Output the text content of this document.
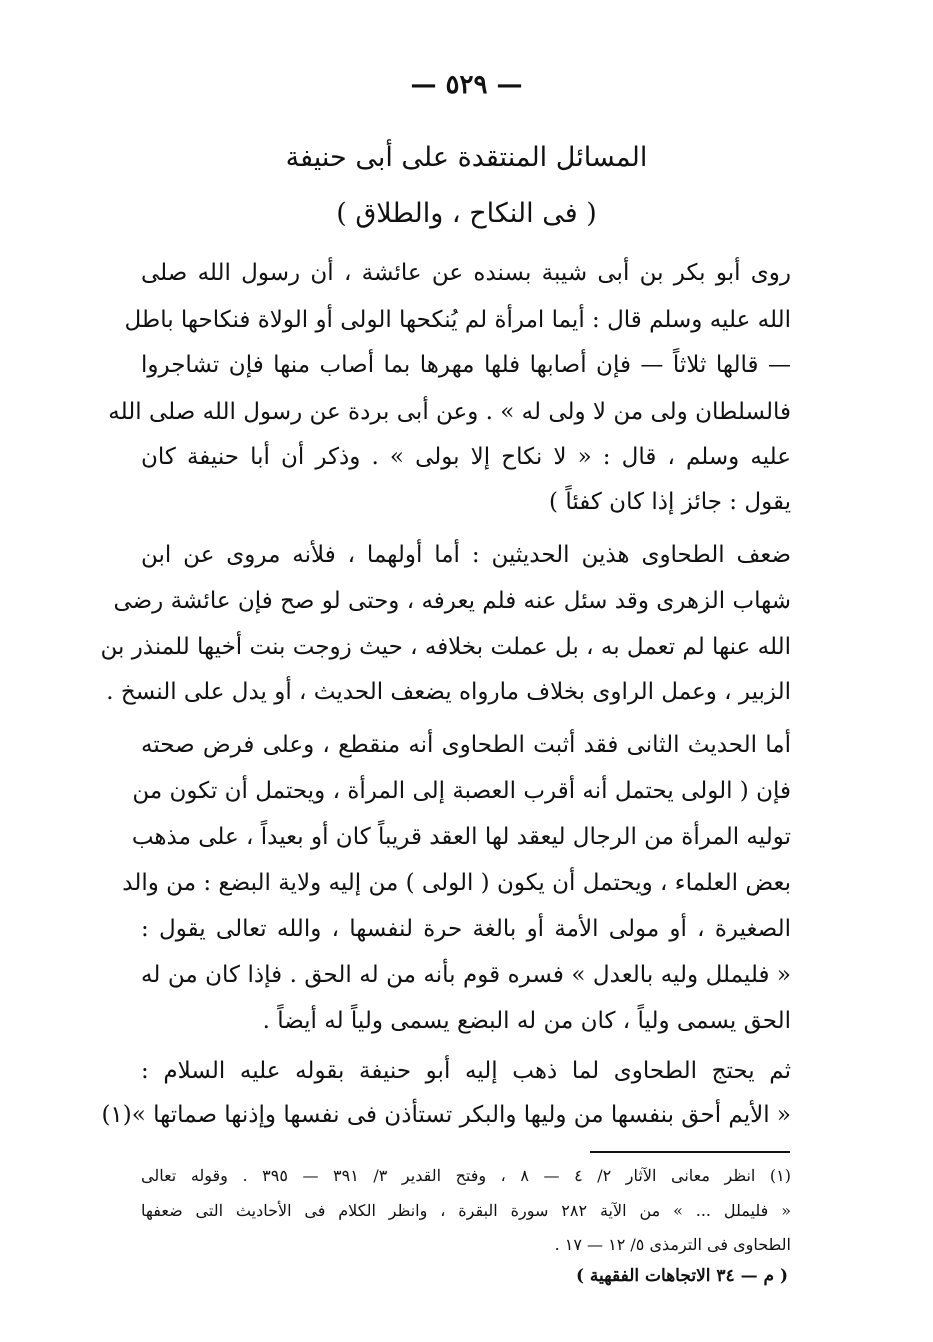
— ٥٢٩ —
المسائل المنتقدة على أبى حنيفة
( فى النكاح ، والطلاق )
روى أبو بكر بن أبى شيبة بسنده عن عائشة ، أن رسول الله صلى
الله عليه وسلم قال : أيما امرأة لم يُنكحها الولى أو الولاة فنكاحها باطل
— قالها ثلاثاً — فإن أصابها فلها مهرها بما أصاب منها فإن تشاجروا
فالسلطان ولى من لا ولى له » . وعن أبى بردة عن رسول الله صلى الله
عليه وسلم ، قال : « لا نكاح إلا بولى » . وذكر أن أبا حنيفة كان
يقول : جائز إذا كان كفئاً )
ضعف الطحاوى هذين الحديثين : أما أولهما ، فلأنه مروى عن ابن
شهاب الزهرى وقد سئل عنه فلم يعرفه ، وحتى لو صح فإن عائشة رضى
الله عنها لم تعمل به ، بل عملت بخلافه ، حيث زوجت بنت أخيها للمنذر بن
الزبير ، وعمل الراوى بخلاف مارواه يضعف الحديث ، أو يدل على النسخ .
أما الحديث الثانى فقد أثبت الطحاوى أنه منقطع ، وعلى فرض صحته
فإن ( الولى يحتمل أنه أقرب العصبة إلى المرأة ، ويحتمل أن تكون من
توليه المرأة من الرجال ليعقد لها العقد قريباً كان أو بعيداً ، على مذهب
بعض العلماء ، ويحتمل أن يكون ( الولى ) من إليه ولاية البضع : من والد
الصغيرة ، أو مولى الأمة أو بالغة حرة لنفسها ، والله تعالى يقول :
« فليملل وليه بالعدل » فسره قوم بأنه من له الحق . فإذا كان من له
الحق يسمى ولياً ، كان من له البضع يسمى ولياً له أيضاً .
ثم يحتج الطحاوى لما ذهب إليه أبو حنيفة بقوله عليه السلام :
« الأيم أحق بنفسها من وليها والبكر تستأذن فى نفسها وإذنها صماتها »(١)
(١) انظر معانى الآثار ٢/ ٤ — ٨ ، وفتح القدير ٣/ ٣٩١ — ٣٩٥ . وقوله تعالى
« فليملل ... » من الآية ٢٨٢ سورة البقرة ، وانظر الكلام فى الأحاديث التى ضعفها
الطحاوى فى الترمذى ٥/ ١٢ — ١٧ .
( م — ٣٤ الاتجاهات الفقهية )
